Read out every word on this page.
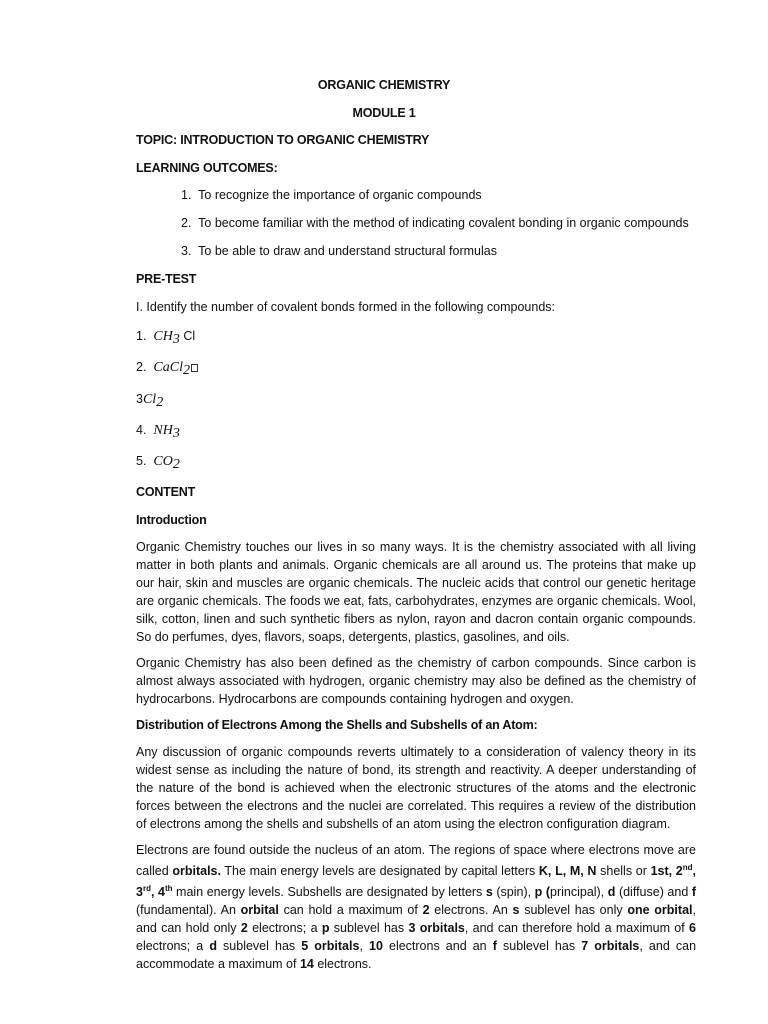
ORGANIC CHEMISTRY
MODULE 1
TOPIC: INTRODUCTION TO ORGANIC CHEMISTRY
LEARNING OUTCOMES:
1. To recognize the importance of organic compounds
2. To become familiar with the method of indicating covalent bonding in organic compounds
3. To be able to draw and understand structural formulas
PRE-TEST
I. Identify the number of covalent bonds formed in the following compounds:
1. $CH_3$ Cl
2. CaCl$_2$
$3Cl_2$
4. $NH_3$
5. $CO_2$
CONTENT
Introduction

Organic Chemistry touches our lives in so many ways. It is the chemistry associated with all living matter in both plants and animals. Organic chemicals are all around us. The proteins that make up our hair, skin and muscles are organic chemicals. The nucleic acids that control our genetic heritage are organic chemicals. The foods we eat, fats, carbohydrates, enzymes are organic chemicals. Wool, silk, cotton, linen and such synthetic fibers as nylon, rayon and dacron contain organic compounds. So do perfumes, dyes, flavors, soaps, detergents, plastics, gasolines, and oils.

Organic Chemistry has also been defined as the chemistry of carbon compounds. Since carbon is almost always associated with hydrogen, organic chemistry may also be defined as the chemistry of hydrocarbons. Hydrocarbons are compounds containing hydrogen and oxygen.

Distribution of Electrons Among the Shells and Subshells of an Atom:

Any discussion of organic compounds reverts ultimately to a consideration of valency theory in its widest sense as including the nature of bond, its strength and reactivity. A deeper understanding of the nature of the bond is achieved when the electronic structures of the atoms and the electronic forces between the electrons and the nuclei are correlated. This requires a review of the distribution of electrons among the shells and subshells of an atom using the electron configuration diagram.

Electrons are found outside the nucleus of an atom. The regions of space where electrons move are called orbitals. The main energy levels are designated by capital letters K, L, M, N shells or 1st, 2nd, 3rd, 4th main energy levels. Subshells are designated by letters s (spin), p (principal), d (diffuse) and f (fundamental). An orbital can hold a maximum of 2 electrons. An s sublevel has only one orbital, and can hold only 2 electrons; a p sublevel has 3 orbitals, and can therefore hold a maximum of 6 electrons; a d sublevel has 5 orbitals, 10 electrons and an f sublevel has 7 orbitals, and can accommodate a maximum of 14 electrons.
